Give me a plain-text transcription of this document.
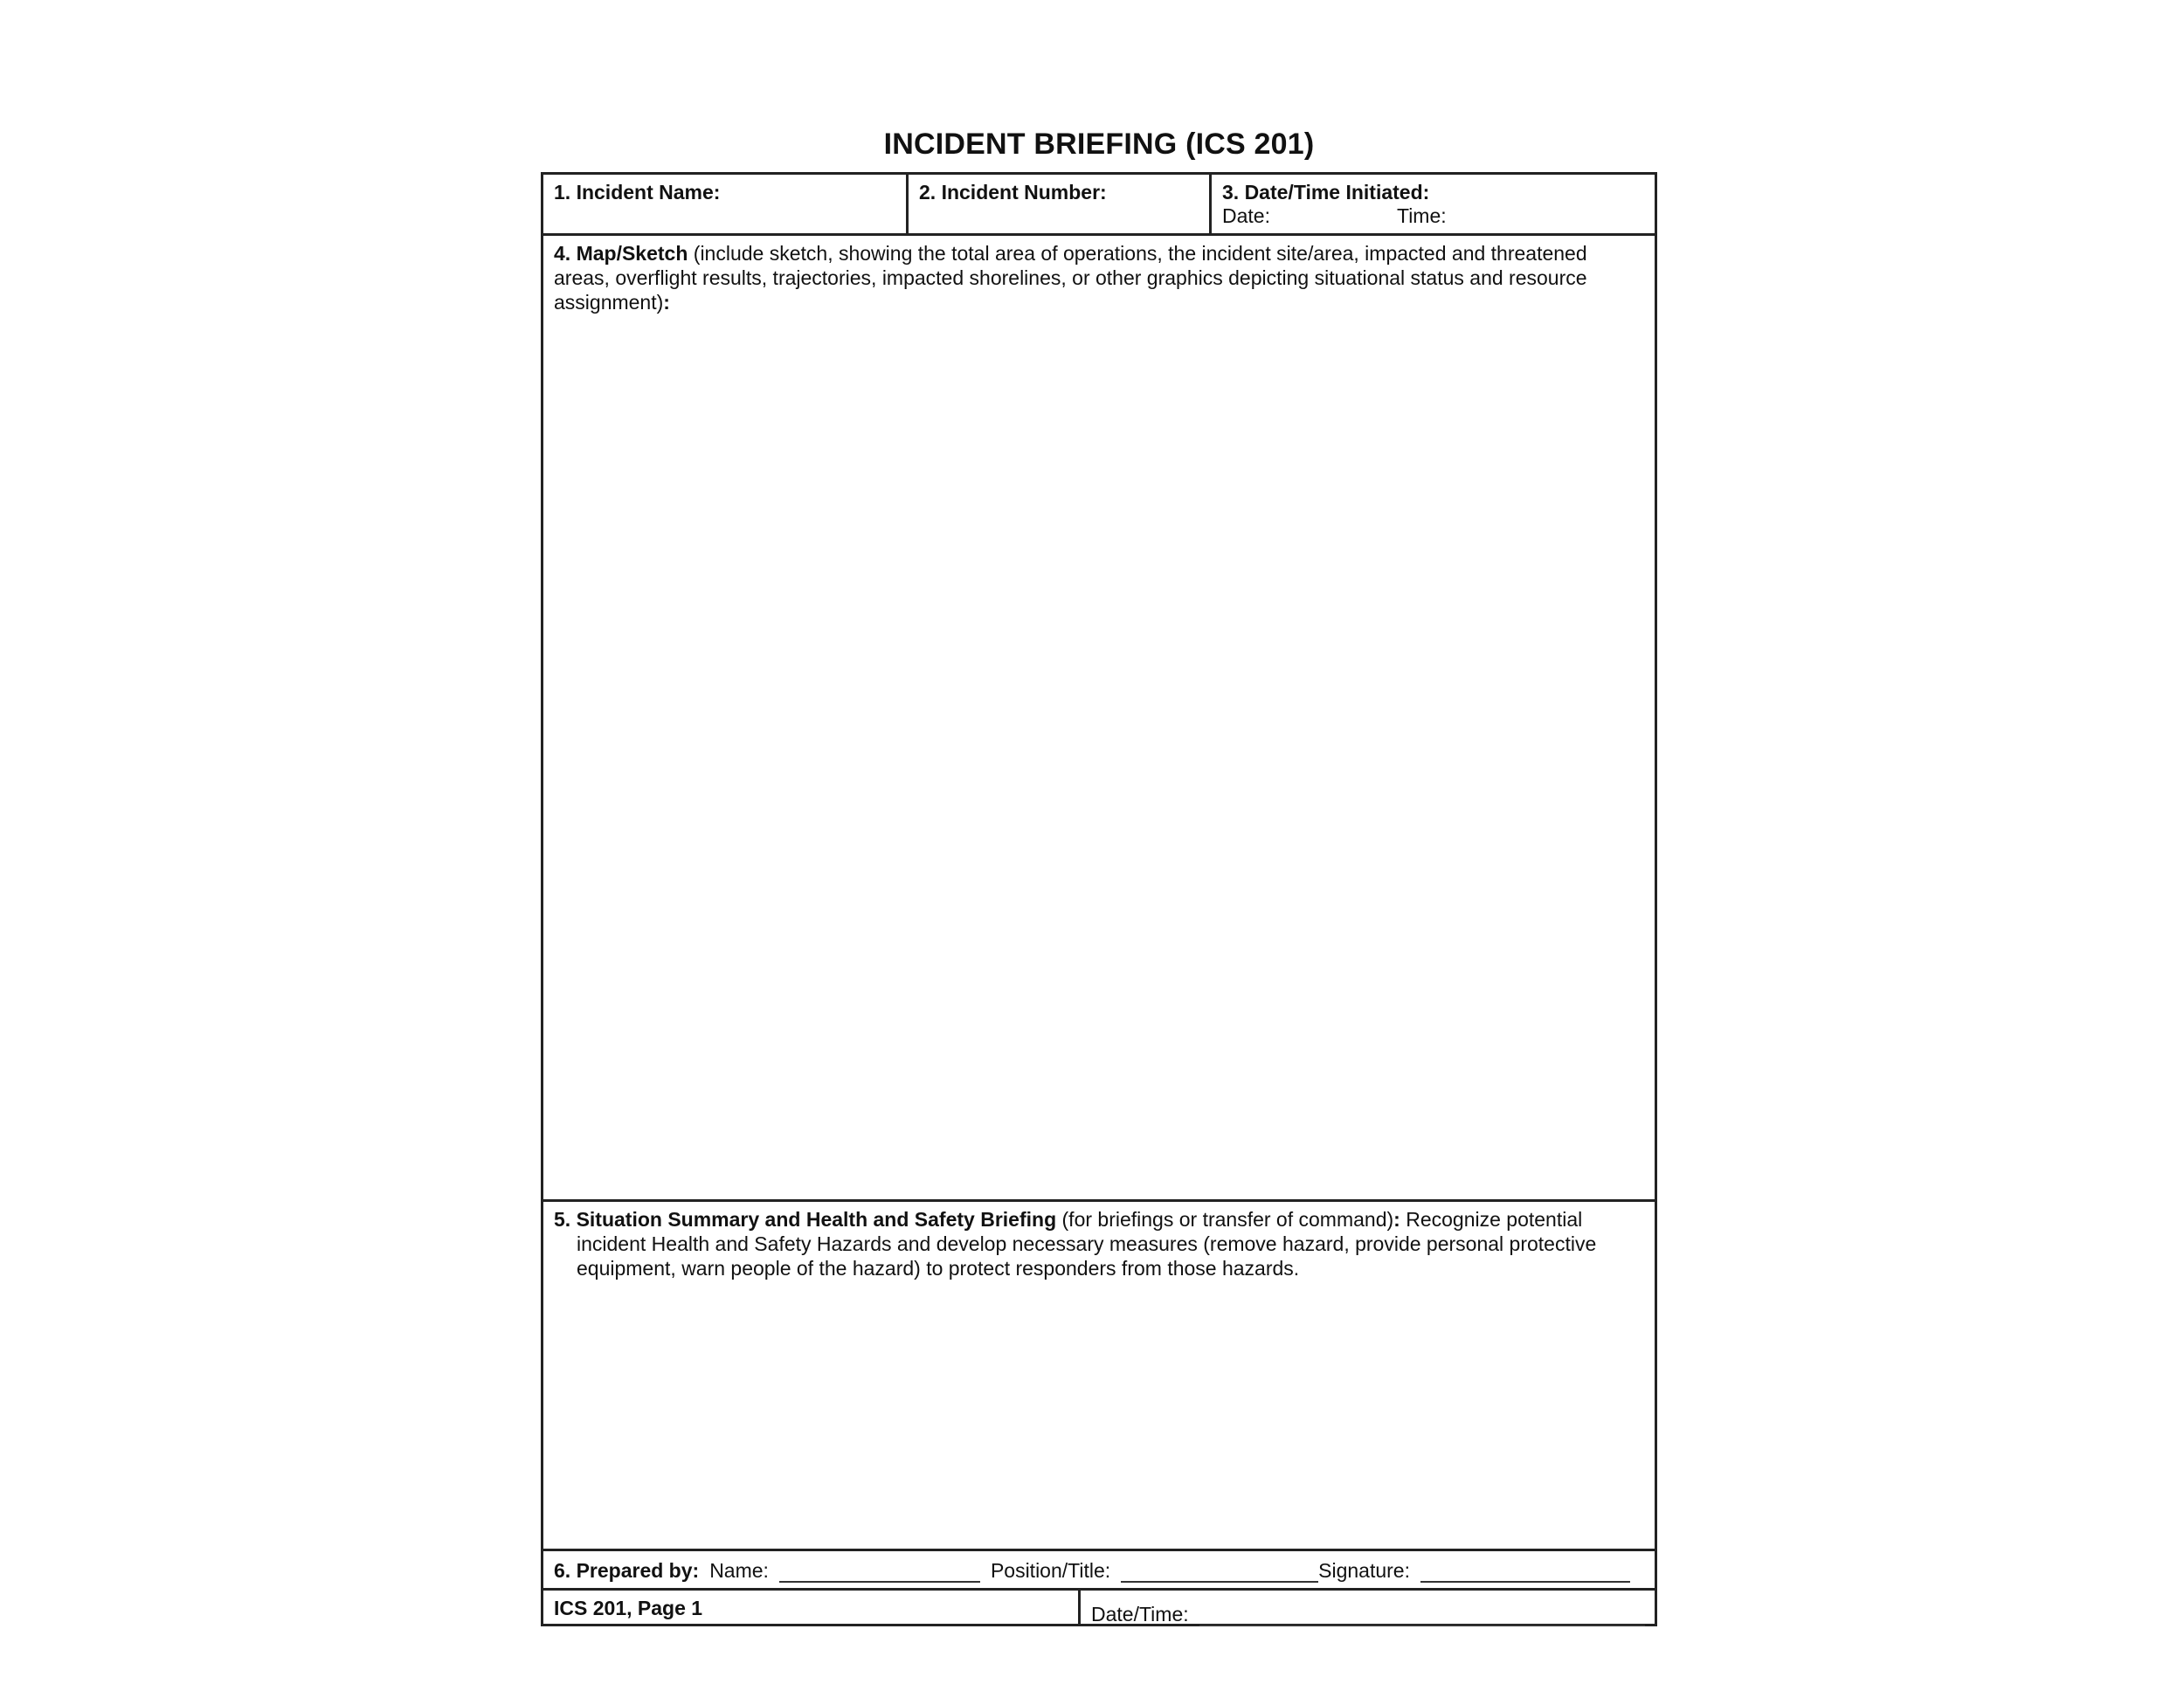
INCIDENT BRIEFING (ICS 201)
1. Incident Name:	2. Incident Number:	3. Date/Time Initiated:
Date:	Time:
4. Map/Sketch (include sketch, showing the total area of operations, the incident site/area, impacted and threatened areas, overflight results, trajectories, impacted shorelines, or other graphics depicting situational status and resource assignment):
5. Situation Summary and Health and Safety Briefing (for briefings or transfer of command): Recognize potential incident Health and Safety Hazards and develop necessary measures (remove hazard, provide personal protective equipment, warn people of the hazard) to protect responders from those hazards.
6. Prepared by: Name:	Position/Title:	Signature:
ICS 201, Page 1	Date/Time:
